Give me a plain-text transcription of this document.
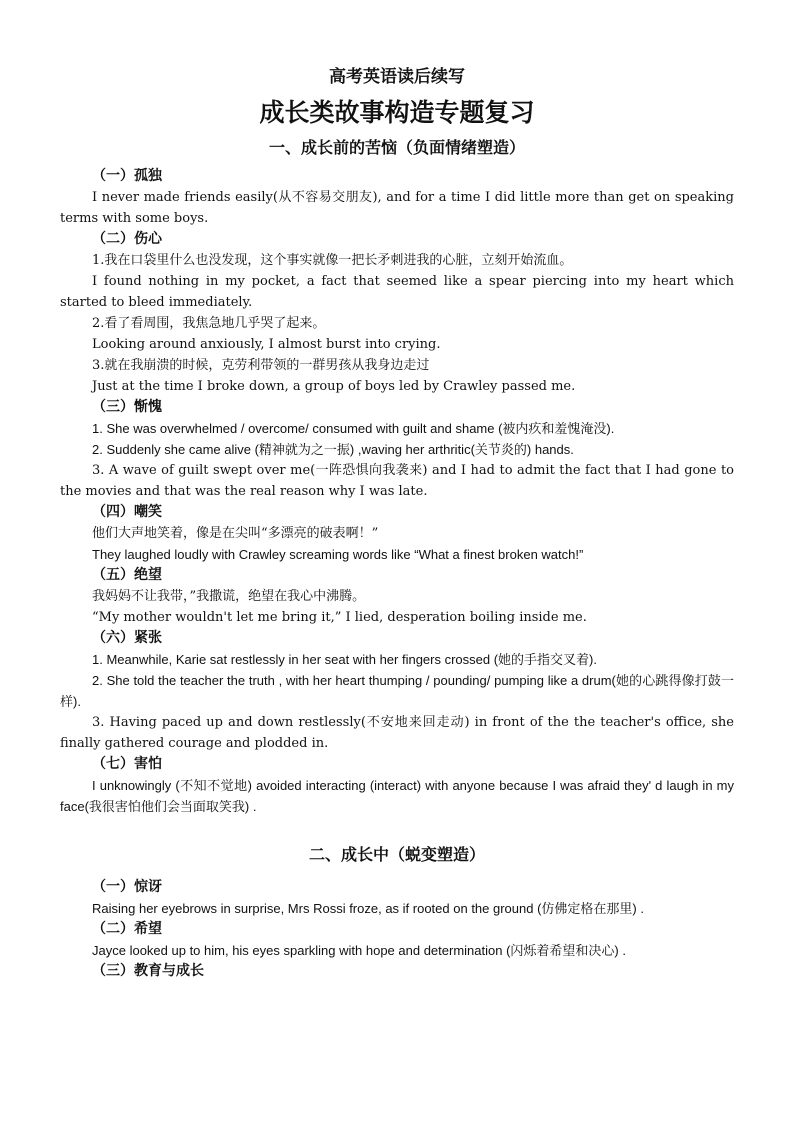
高考英语读后续写
成长类故事构造专题复习
一、成长前的苦恼（负面情绪塑造）
（一）孤独

I never made friends easily(从不容易交朋友), and for a time I did little more than get on speaking terms with some boys.

（二）伤心

1.我在口袋里什么也没发现，这个事实就像一把长矛刺进我的心脏，立刻开始流血。

I found nothing in my pocket, a fact that seemed like a spear piercing into my heart which started to bleed immediately.

2.看了看周围，我焦急地几乎哭了起来。

Looking around anxiously, I almost burst into crying.

3.就在我崩溃的时候，克劳利带领的一群男孩从我身边走过

Just at the time I broke down, a group of boys led by Crawley passed me.

（三）惭愧

1. She was overwhelmed / overcome/ consumed with guilt and shame (被内疚和羞愧淹没).

2. Suddenly she came alive (精神就为之一振) ,waving her arthritic(关节炎的) hands.

3. A wave of guilt swept over me(一阵恐惧向我袭来) and I had to admit the fact that I had gone to the movies and that was the real reason why I was late.

（四）嘲笑

他们大声地笑着，像是在尖叫“多漂亮的破表啊！”

They laughed loudly with Crawley screaming words like “What a finest broken watch!”

（五）绝望

我妈妈不让我带，”我撒谎，绝望在我心中沸腾。

“My mother wouldn't let me bring it,” I lied, desperation boiling inside me.

（六）紧张

1. Meanwhile, Karie sat restlessly in her seat with her fingers crossed (她的手指交叉着).

2. She told the teacher the truth , with her heart thumping / pounding/ pumping like a drum(她的心跳得像打鼓一样).

3. Having paced up and down restlessly(不安地来回走动) in front of the the teacher's office, she finally gathered courage and plodded in.

（七）害怕

I unknowingly (不知不觉地) avoided interacting (interact) with anyone because I was afraid they' d laugh in my face(我很害怕他们会当面取笑我) .

二、成长中（蜕变塑造）
（一）惊讶

Raising her eyebrows in surprise, Mrs Rossi froze, as if rooted on the ground (仿佛定格在那里) .

（二）希望

Jayce looked up to him, his eyes sparkling with hope and determination (闪烁着希望和决心) .

（三）教育与成长
